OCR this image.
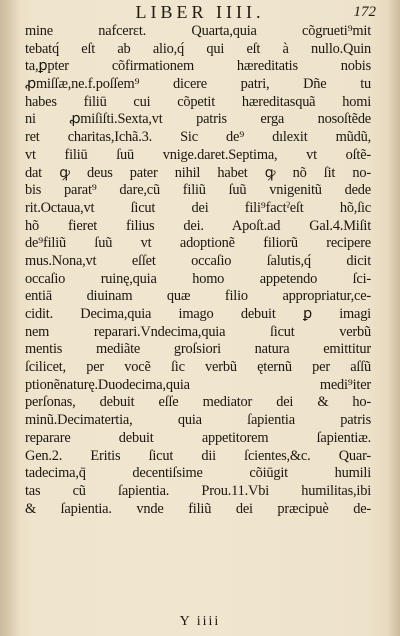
LIBER IIII.	172
mine nafcerɛt. Quarta,quia cõgrueti⁹mit
tebatq́ eſt ab alio,q́ qui eſt à nullo.Quin
ta,ꝑpter cõfirmationem hæreditatis nobis
ꝓmiſſæ,ne.f.poſſem⁹ dicere patri, Dñe tu
habes filiū cui cõpetit hæreditasquã homi
ni ꝓmiſiſti.Sexta,vt patris erga nosoſtẽde
ret charitas,Ichã.3. Sic de⁹ dılexit mũdũ,
vt filiū ſuū vnige.daret.Septima, vt oſtẽ-
dat ꝙ deus pater nihil habet ꝙ nõ ſit no-
bis parat⁹ dare,cũ filiũ ſuũ vnigenitũ dede
rit.Octaua,vt ſicut dei fili⁹factˀeſt hõ,ſic
hõ fieret filius dei. Apoſt.ad Gal.4.Miſit
de⁹filiũ ſuũ vt adoptionẽ filiorũ recipere
mus.Nona,vt eſſet occaſio ſalutis,q́ dicit
occaſio ruinę,quia homo appetendo ſci-
entiā diuinam quæ filio appropriatur,ce-
cidit. Decima,quia imago debuit ꝑ imagi
nem reparari.Vndecima,quia ſicut verbũ
mentis mediãte groſsiori natura emittitur
ſcilicet, per vocẽ ſic verbũ ęternũ per aſſũ
ptionẽnaturę.Duodecima,quia medi⁹iter
perſonas, debuit eſſe mediator dei & ho-
minũ.Decimatertia, quia ſapientia patris
reparare debuit appetitorem ſapientiæ.
Gen.2. Eritis ſicut dii ſcientes,&c. Quar-
tadecima,q̄ decentiſsime cõiūgit humili
tas cũ ſapientia. Prou.11.Vbi humilitas,ibi
& ſapientia. vnde filiũ dei præcipuè de-
Y iiii
